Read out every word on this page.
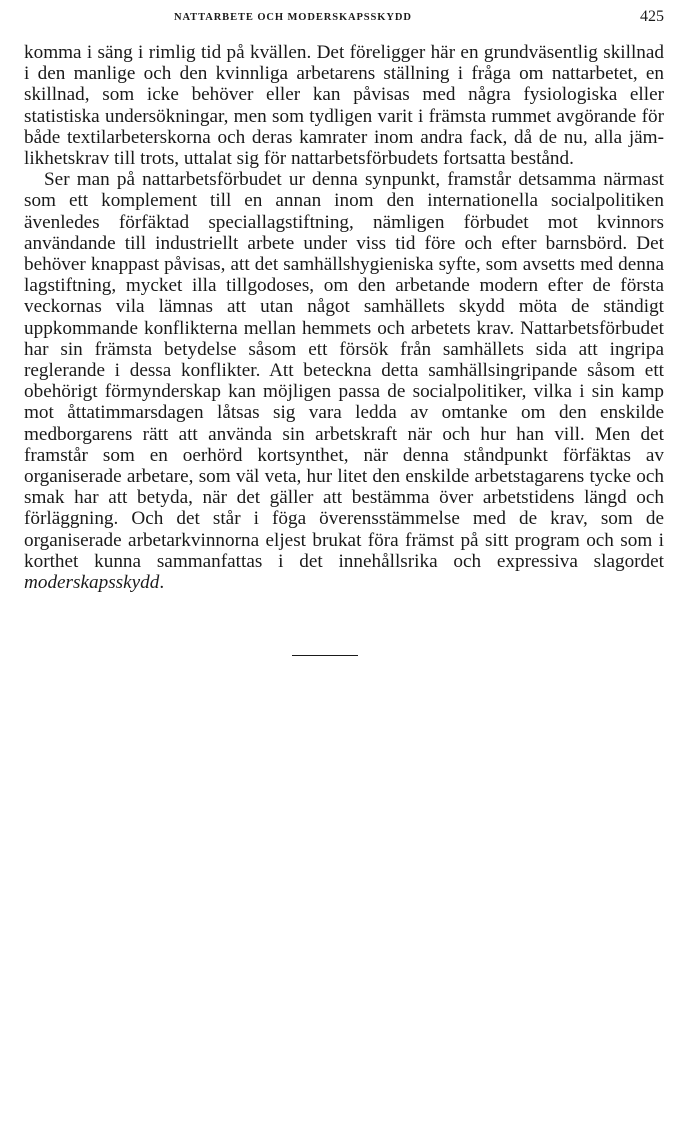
NATTARBETE OCH MODERSKAPSSKYDD	425

komma i säng i rimlig tid på kvällen. Det föreligger här en grundväsentlig skillnad i den manlige och den kvinnliga arbetarens ställning i fråga om nattarbetet, en skillnad, som icke behöver eller kan påvisas med några fysiologiska eller statistiska undersökningar, men som tydligen varit i främsta rummet avgörande för både textilarbeterskorna och deras kamrater inom andra fack, då de nu, alla jämlikhetskrav till trots, uttalat sig för nattarbetsförbudets fortsatta bestånd.

Ser man på nattarbetsförbudet ur denna synpunkt, framstår detsamma närmast som ett komplement till en annan inom den internationella socialpolitiken ävenledes förfäktad speciallagstiftning, nämligen förbudet mot kvinnors användande till industriellt arbete under viss tid före och efter barnsbörd. Det behöver knappast påvisas, att det samhällshygieniska syfte, som avsetts med denna lagstiftning, mycket illa tillgodoses, om den arbetande modern efter de första veckornas vila lämnas att utan något samhällets skydd möta de ständigt uppkommande konflikterna mellan hemmets och arbetets krav. Nattarbetsförbudet har sin främsta betydelse såsom ett försök från samhällets sida att ingripa reglerande i dessa konflikter. Att beteckna detta samhällsingripande såsom ett obehörigt förmynderskap kan möjligen passa de socialpolitiker, vilka i sin kamp mot åttatimmarsdagen låtsas sig vara ledda av omtanke om den enskilde medborgarens rätt att använda sin arbetskraft när och hur han vill. Men det framstår som en oerhörd kortsynthet, när denna ståndpunkt förfäktas av organiserade arbetare, som väl veta, hur litet den enskilde arbetstagarens tycke och smak har att betyda, när det gäller att bestämma över arbetstidens längd och förläggning. Och det står i föga överensstämmelse med de krav, som de organiserade arbetarkvinnorna eljest brukat föra främst på sitt program och som i korthet kunna sammanfattas i det innehållsrika och expressiva slagordet moderskapsskydd.
